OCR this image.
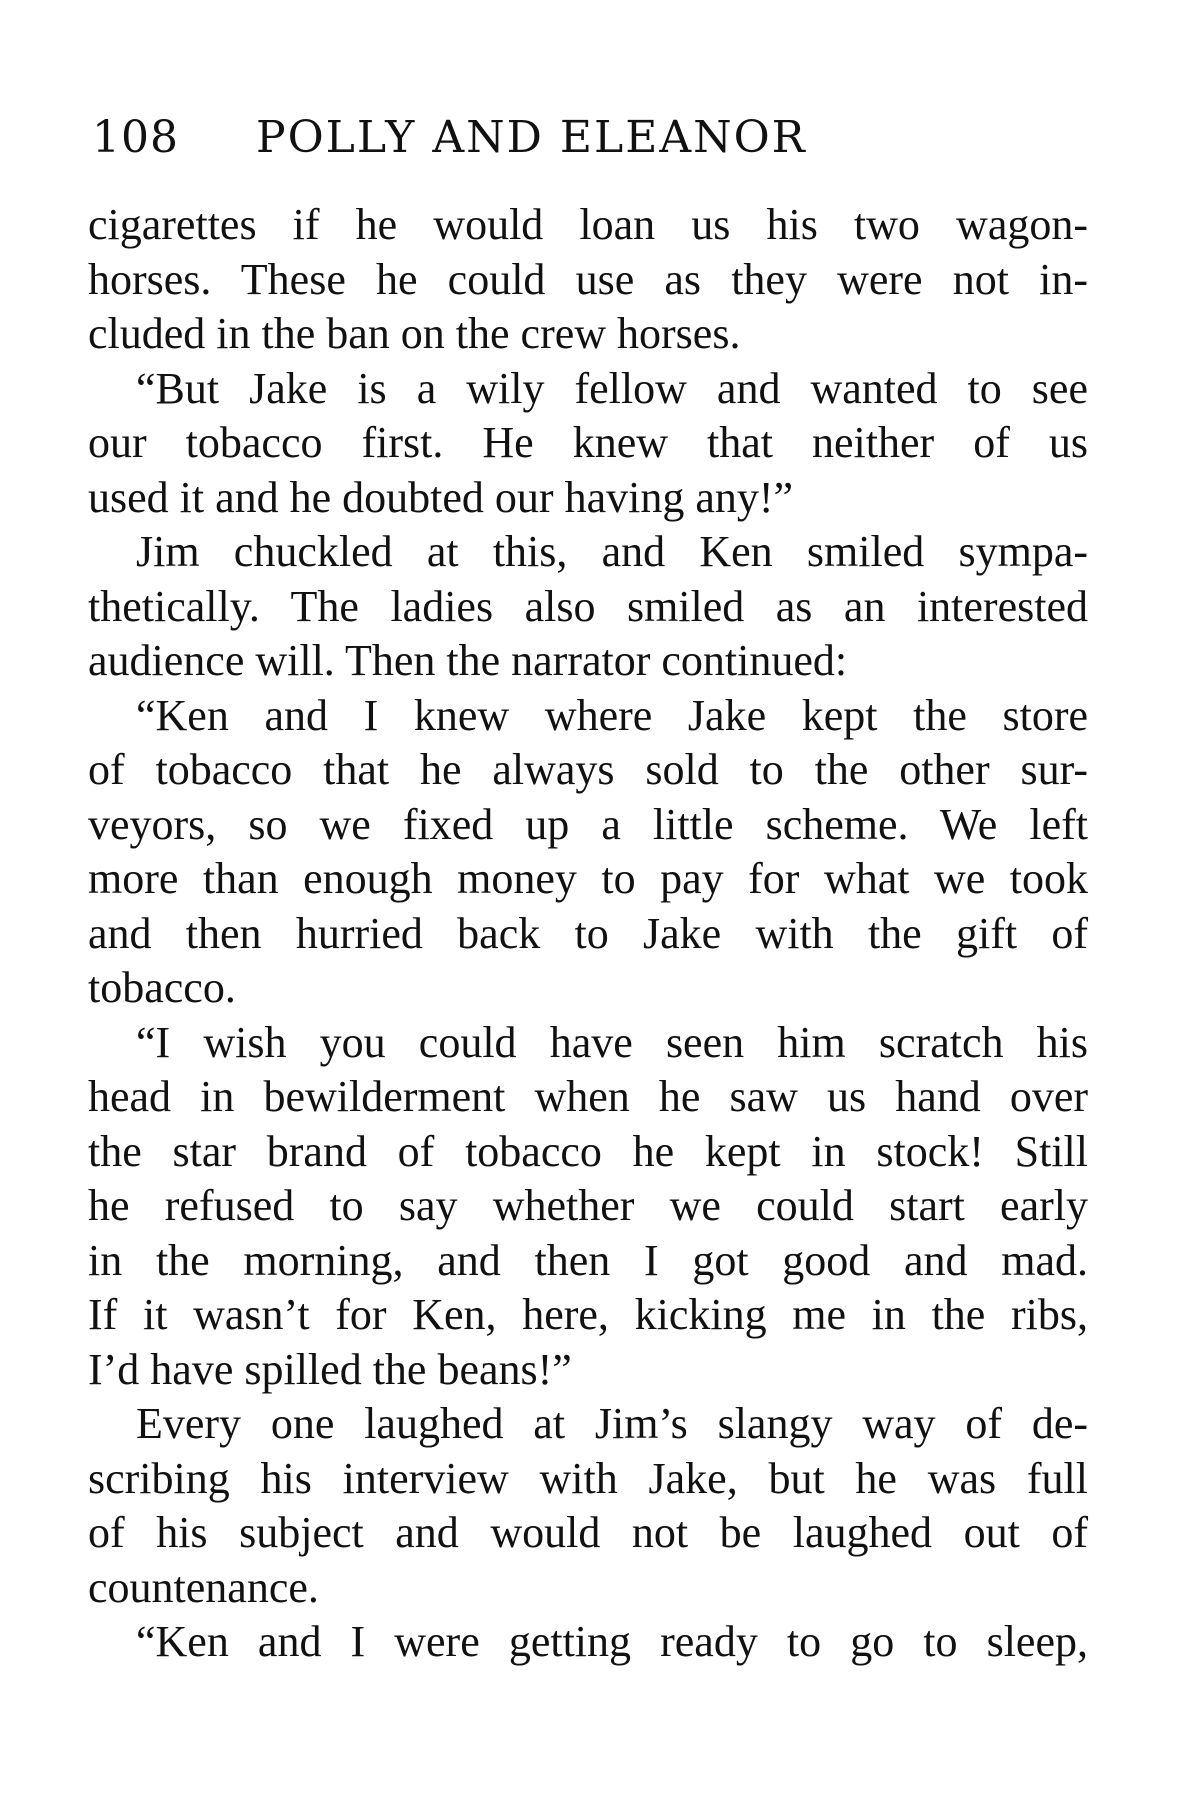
108 POLLY AND ELEANOR
cigarettes if he would loan us his two wagon-
horses. These he could use as they were not in-
cluded in the ban on the crew horses.
“But Jake is a wily fellow and wanted to see
our tobacco first. He knew that neither of us
used it and he doubted our having any!”
Jim chuckled at this, and Ken smiled sympa-
thetically. The ladies also smiled as an interested
audience will. Then the narrator continued:
“Ken and I knew where Jake kept the store
of tobacco that he always sold to the other sur-
veyors, so we fixed up a little scheme. We left
more than enough money to pay for what we took
and then hurried back to Jake with the gift of
tobacco.
“I wish you could have seen him scratch his
head in bewilderment when he saw us hand over
the star brand of tobacco he kept in stock! Still
he refused to say whether we could start early
in the morning, and then I got good and mad.
If it wasn’t for Ken, here, kicking me in the ribs,
I’d have spilled the beans!”
Every one laughed at Jim’s slangy way of de-
scribing his interview with Jake, but he was full
of his subject and would not be laughed out of
countenance.
“Ken and I were getting ready to go to sleep,
